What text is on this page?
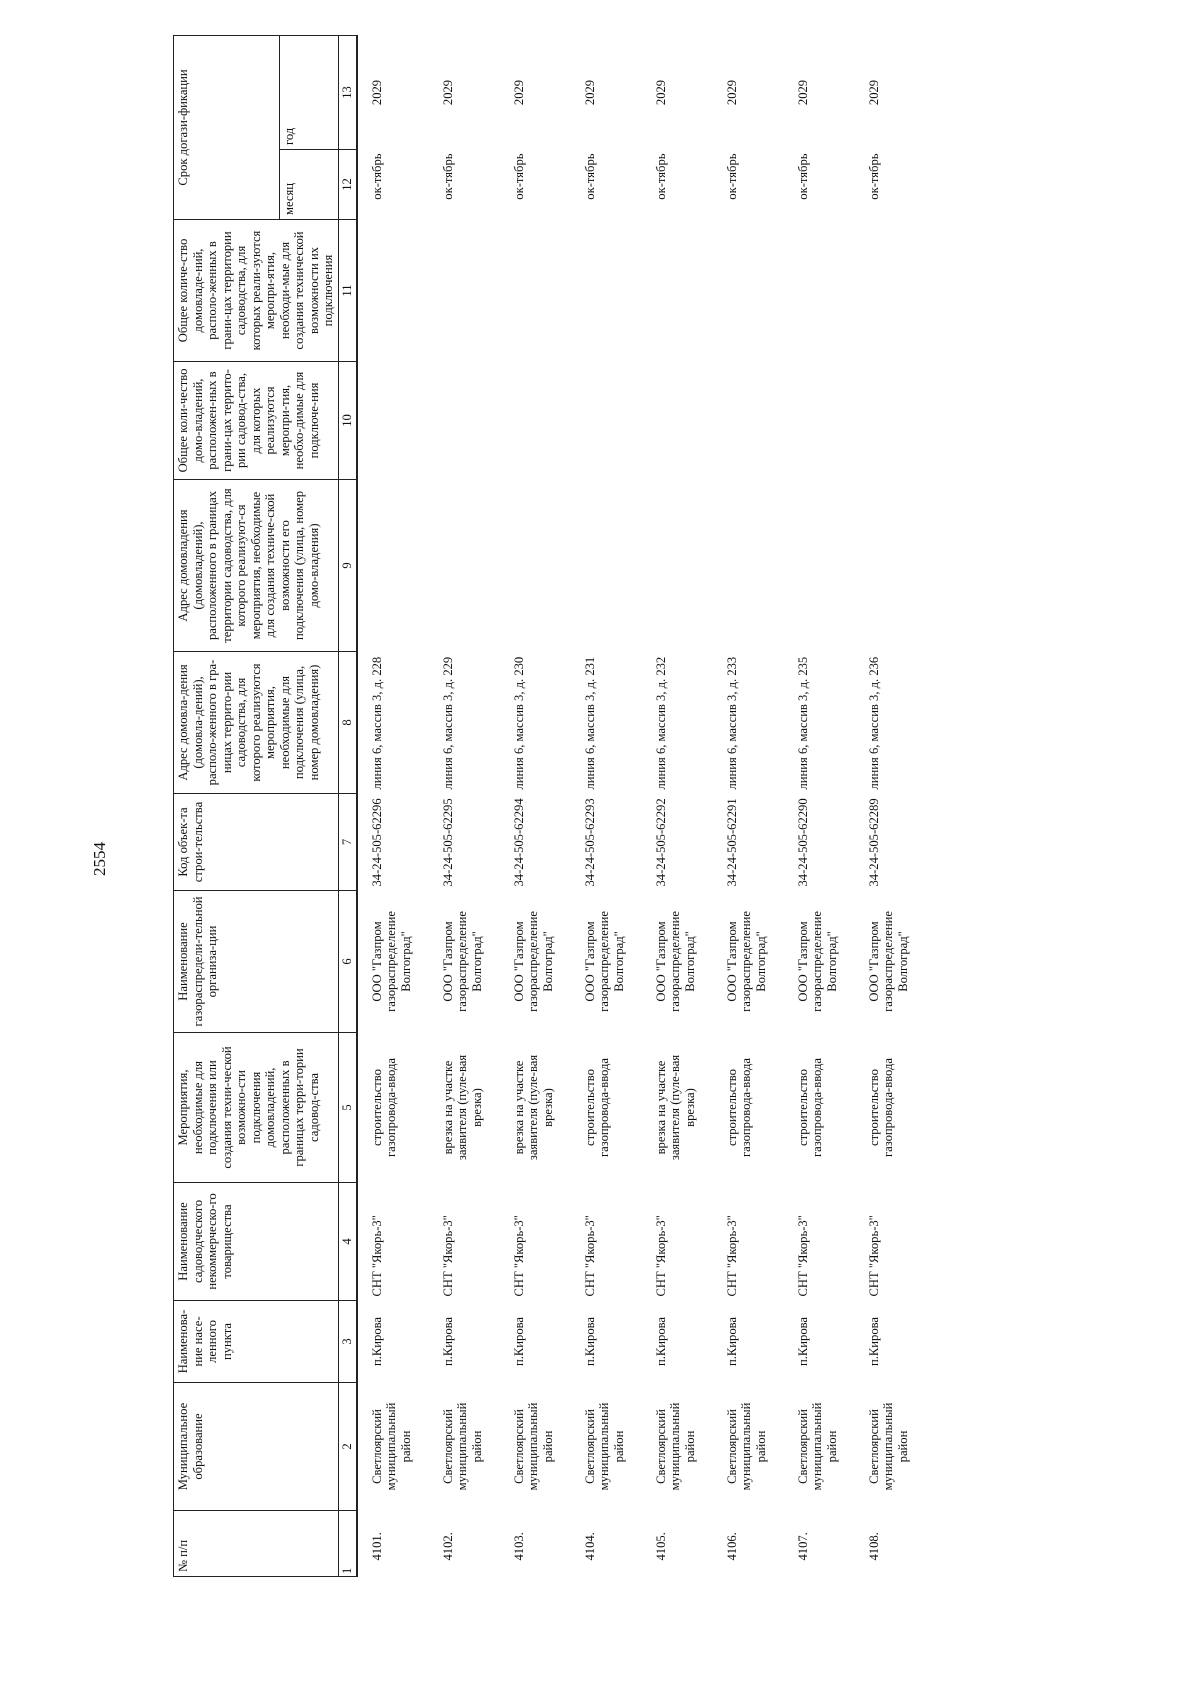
2554
№ п/п	Муниципальное образование	Наименова-ние насе-ленного пункта	Наименование садоводческого некоммерческо-го товарищества	Мероприятия, необходимые для подключения или создания техни-ческой возможно-сти подключения домовладений, расположенных в границах терри-тории садовод-ства	Наименование газораспредели-тельной организа-ции	Код объек-та строи-тельства	Адрес домовла-дения (домовла-дений), располо-женного в гра-ницах террито-рии садоводства, для которого реализуются мероприятия, необходимые для подключения (улица, номер домовладения)	Адрес домовладения (домовладений), расположенного в границах территории садоводства, для которого реализуют-ся мероприятия, необходимые для создания техниче-ской возможности его подключения (улица, номер домо-владения)	Общее коли-чество домо-владений, расположен-ных в грани-цах террито-рии садовод-ства, для которых реализуются меропри-тия, необхо-димые для подключе-ния	Общее количе-ство домовладе-ний, располо-женных в грани-цах территории садоводства, для которых реали-зуются меропри-ятия, необходи-мые для создания технической возможности их подключения	Срок догази-фикации	
											месяц	год
1	2	3	4	5	6	7	8	9	10	11	12	13
4101.	Светлоярский муниципальный район	п.Кирова	СНТ "Якорь-3"	строительство газопровода-ввода	ООО "Газпром газораспределение Волгоград"	34-24-505-62296	линия 6, массив 3, д. 228				ок-тябрь	2029
4102.	Светлоярский муниципальный район	п.Кирова	СНТ "Якорь-3"	врезка на участке заявителя (пуле-вая врезка)	ООО "Газпром газораспределение Волгоград"	34-24-505-62295	линия 6, массив 3, д. 229				ок-тябрь	2029
4103.	Светлоярский муниципальный район	п.Кирова	СНТ "Якорь-3"	врезка на участке заявителя (пуле-вая врезка)	ООО "Газпром газораспределение Волгоград"	34-24-505-62294	линия 6, массив 3, д. 230				ок-тябрь	2029
4104.	Светлоярский муниципальный район	п.Кирова	СНТ "Якорь-3"	строительство газопровода-ввода	ООО "Газпром газораспределение Волгоград"	34-24-505-62293	линия 6, массив 3, д. 231				ок-тябрь	2029
4105.	Светлоярский муниципальный район	п.Кирова	СНТ "Якорь-3"	врезка на участке заявителя (пуле-вая врезка)	ООО "Газпром газораспределение Волгоград"	34-24-505-62292	линия 6, массив 3, д. 232				ок-тябрь	2029
4106.	Светлоярский муниципальный район	п.Кирова	СНТ "Якорь-3"	строительство газопровода-ввода	ООО "Газпром газораспределение Волгоград"	34-24-505-62291	линия 6, массив 3, д. 233				ок-тябрь	2029
4107.	Светлоярский муниципальный район	п.Кирова	СНТ "Якорь-3"	строительство газопровода-ввода	ООО "Газпром газораспределение Волгоград"	34-24-505-62290	линия 6, массив 3, д. 235				ок-тябрь	2029
4108.	Светлоярский муниципальный район	п.Кирова	СНТ "Якорь-3"	строительство газопровода-ввода	ООО "Газпром газораспределение Волгоград"	34-24-505-62289	линия 6, массив 3, д. 236				ок-тябрь	2029
